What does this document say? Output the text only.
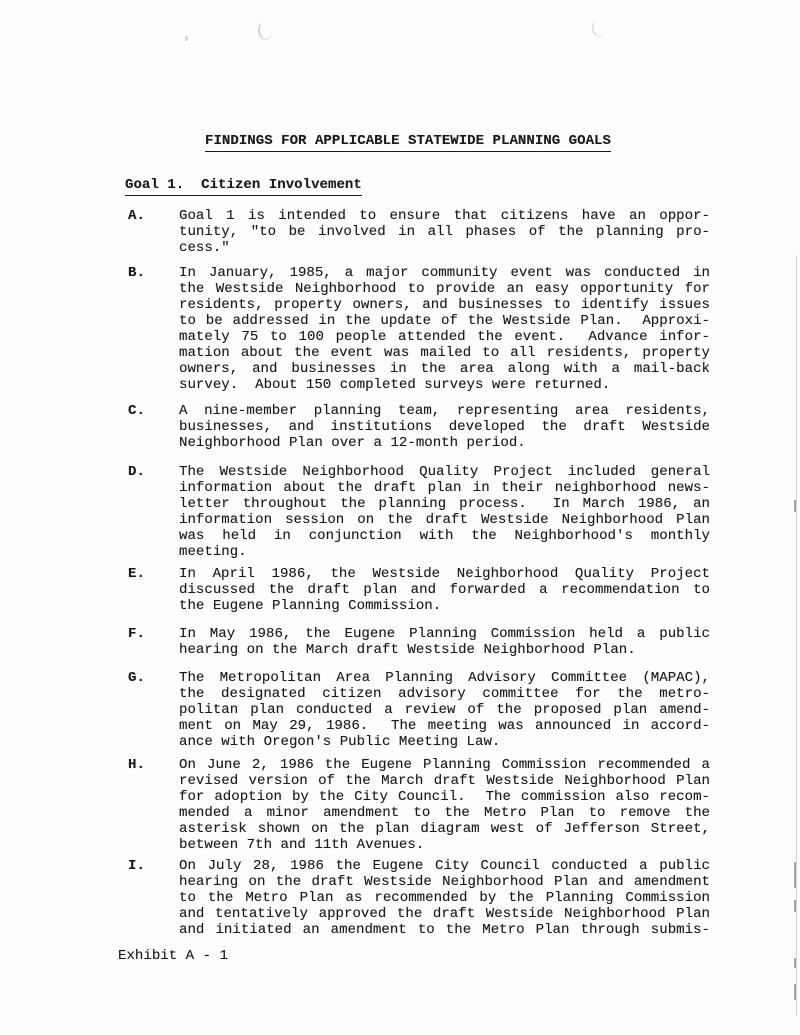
FINDINGS FOR APPLICABLE STATEWIDE PLANNING GOALS
Goal 1.  Citizen Involvement
A. Goal 1 is intended to ensure that citizens have an oppor-
tunity, "to be involved in all phases of the planning pro-
cess."
B. In January, 1985, a major community event was conducted in
the Westside Neighborhood to provide an easy opportunity for
residents, property owners, and businesses to identify issues
to be addressed in the update of the Westside Plan.  Approxi-
mately 75 to 100 people attended the event.  Advance infor-
mation about the event was mailed to all residents, property
owners, and businesses in the area along with a mail-back
survey.  About 150 completed surveys were returned.
C. A nine-member planning team, representing area residents,
businesses, and institutions developed the draft Westside
Neighborhood Plan over a 12-month period.
D. The Westside Neighborhood Quality Project included general
information about the draft plan in their neighborhood news-
letter throughout the planning process.  In March 1986, an
information session on the draft Westside Neighborhood Plan
was held in conjunction with the Neighborhood's monthly
meeting.
E. In April 1986, the Westside Neighborhood Quality Project
discussed the draft plan and forwarded a recommendation to
the Eugene Planning Commission.
F. In May 1986, the Eugene Planning Commission held a public
hearing on the March draft Westside Neighborhood Plan.
G. The Metropolitan Area Planning Advisory Committee (MAPAC),
the designated citizen advisory committee for the metro-
politan plan conducted a review of the proposed plan amend-
ment on May 29, 1986.  The meeting was announced in accord-
ance with Oregon's Public Meeting Law.
H. On June 2, 1986 the Eugene Planning Commission recommended a
revised version of the March draft Westside Neighborhood Plan
for adoption by the City Council.  The commission also recom-
mended a minor amendment to the Metro Plan to remove the
asterisk shown on the plan diagram west of Jefferson Street,
between 7th and 11th Avenues.
I. On July 28, 1986 the Eugene City Council conducted a public
hearing on the draft Westside Neighborhood Plan and amendment
to the Metro Plan as recommended by the Planning Commission
and tentatively approved the draft Westside Neighborhood Plan
and initiated an amendment to the Metro Plan through submis-
Exhibit A - 1
